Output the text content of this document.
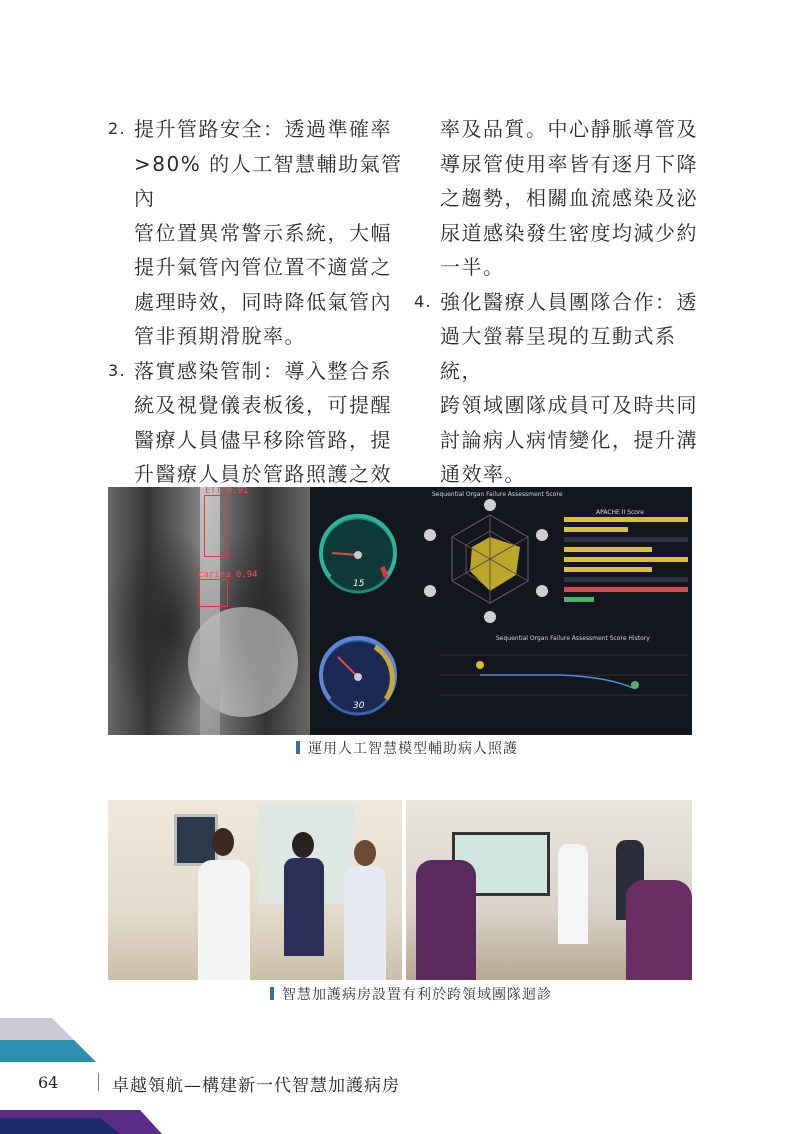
2. 提升管路安全：透過準確率
>80% 的人工智慧輔助氣管內
管位置異常警示系統，大幅
提升氣管內管位置不適當之
處理時效，同時降低氣管內
管非預期滑脫率。
3. 落實感染管制：導入整合系
統及視覺儀表板後，可提醒
醫療人員儘早移除管路，提
升醫療人員於管路照護之效
率及品質。中心靜脈導管及
導尿管使用率皆有逐月下降
之趨勢，相關血流感染及泌
尿道感染發生密度均減少約
一半。
4. 強化醫療人員團隊合作：透
過大螢幕呈現的互動式系統，
跨領域團隊成員可及時共同
討論病人病情變化，提升溝
通效率。
ETT 0.91
carina 0.94
Sequential Organ Failure Assessment Score
APACHE II Score
Sequential Organ Failure Assessment Score History
15
30
運用人工智慧模型輔助病人照護
智慧加護病房設置有利於跨領域團隊迴診
64	卓越領航—構建新一代智慧加護病房
